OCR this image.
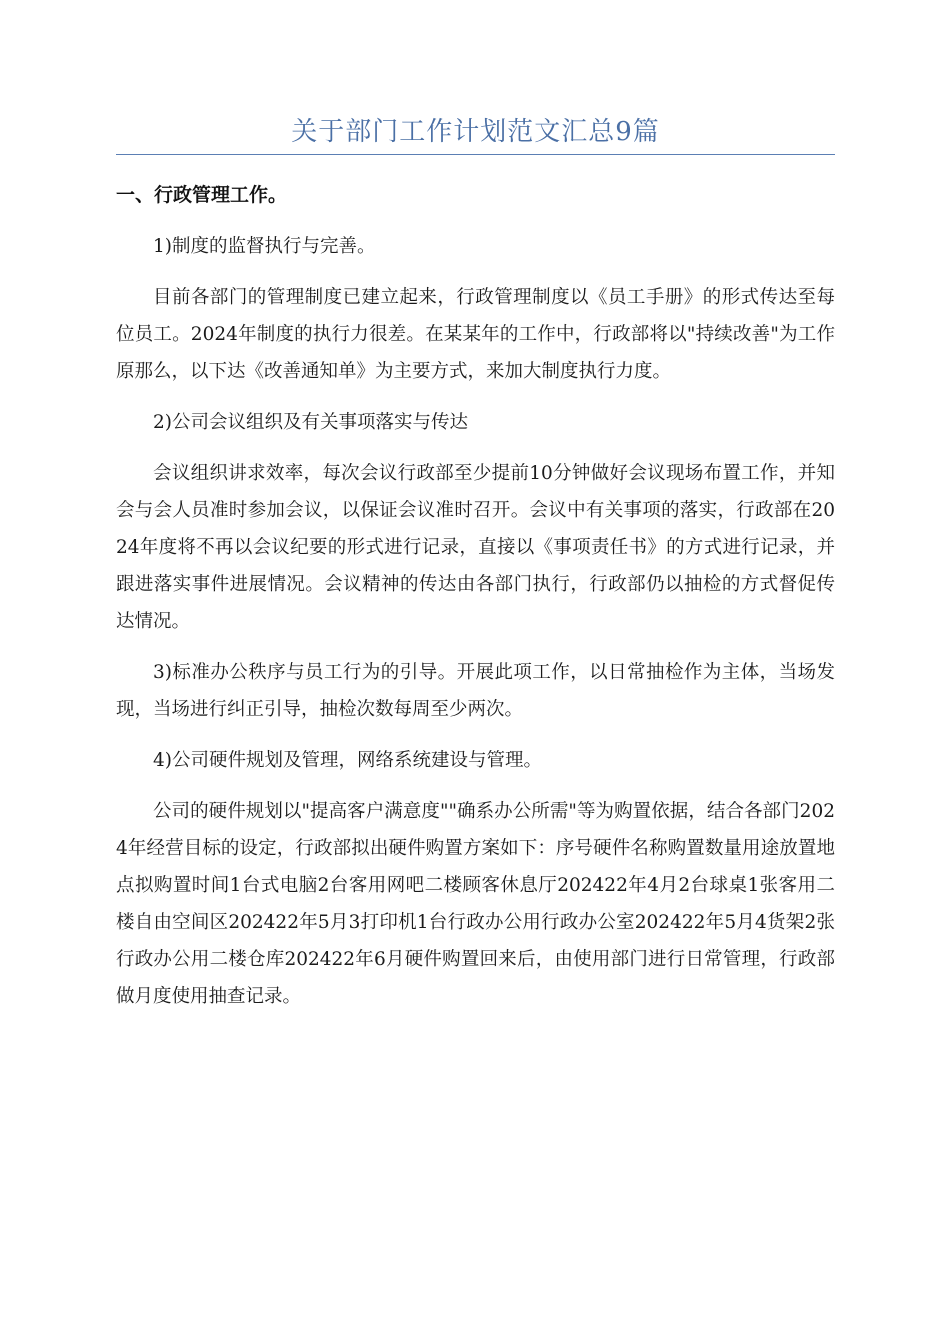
关于部门工作计划范文汇总9篇
一、行政管理工作。

1)制度的监督执行与完善。

目前各部门的管理制度已建立起来，行政管理制度以《员工手册》的形式传达至每位员工。2024年制度的执行力很差。在某某年的工作中，行政部将以"持续改善"为工作原那么，以下达《改善通知单》为主要方式，来加大制度执行力度。

2)公司会议组织及有关事项落实与传达

会议组织讲求效率，每次会议行政部至少提前10分钟做好会议现场布置工作，并知会与会人员准时参加会议，以保证会议准时召开。会议中有关事项的落实，行政部在2024年度将不再以会议纪要的形式进行记录，直接以《事项责任书》的方式进行记录，并跟进落实事件进展情况。会议精神的传达由各部门执行，行政部仍以抽检的方式督促传达情况。

3)标准办公秩序与员工行为的引导。开展此项工作，以日常抽检作为主体，当场发现，当场进行纠正引导，抽检次数每周至少两次。

4)公司硬件规划及管理，网络系统建设与管理。

公司的硬件规划以"提高客户满意度""确系办公所需"等为购置依据，结合各部门2024年经营目标的设定，行政部拟出硬件购置方案如下：序号硬件名称购置数量用途放置地点拟购置时间1台式电脑2台客用网吧二楼顾客休息厅202422年4月2台球桌1张客用二楼自由空间区202422年5月3打印机1台行政办公用行政办公室202422年5月4货架2张行政办公用二楼仓库202422年6月硬件购置回来后，由使用部门进行日常管理，行政部做月度使用抽查记录。
